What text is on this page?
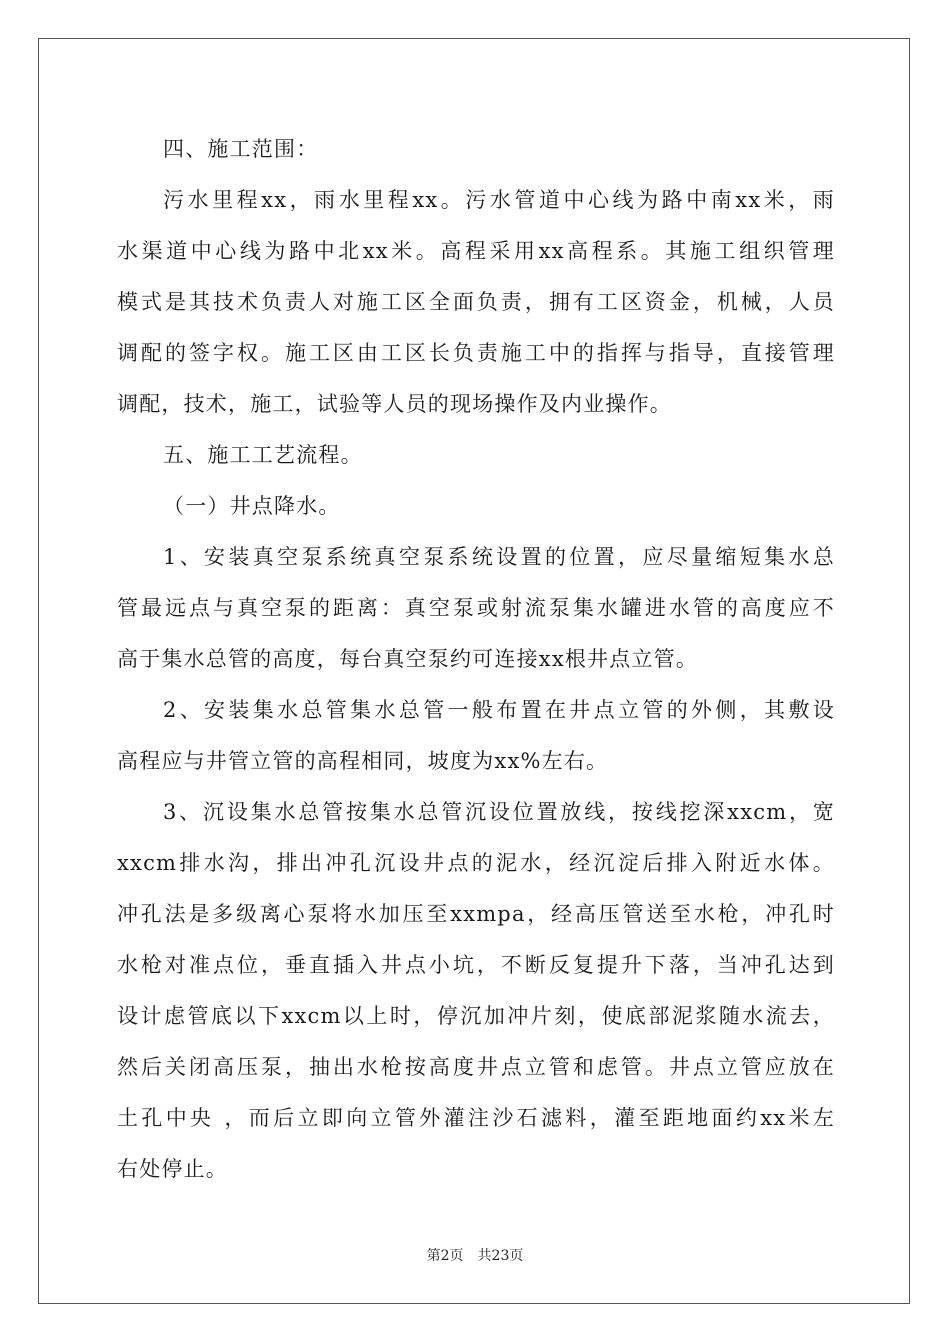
四、施工范围：
污水里程xx，雨水里程xx。污水管道中心线为路中南xx米，雨
水渠道中心线为路中北xx米。高程采用xx高程系。其施工组织管理
模式是其技术负责人对施工区全面负责，拥有工区资金，机械，人员
调配的签字权。施工区由工区长负责施工中的指挥与指导，直接管理
调配，技术，施工，试验等人员的现场操作及内业操作。
五、施工工艺流程。
（一）井点降水。
1、安装真空泵系统真空泵系统设置的位置，应尽量缩短集水总
管最远点与真空泵的距离：真空泵或射流泵集水罐进水管的高度应不
高于集水总管的高度，每台真空泵约可连接xx根井点立管。
2、安装集水总管集水总管一般布置在井点立管的外侧，其敷设
高程应与井管立管的高程相同，坡度为xx%左右。
3、沉设集水总管按集水总管沉设位置放线，按线挖深xxcm，宽
xxcm排水沟，排出冲孔沉设井点的泥水，经沉淀后排入附近水体。
冲孔法是多级离心泵将水加压至xxmpa，经高压管送至水枪，冲孔时
水枪对准点位，垂直插入井点小坑，不断反复提升下落，当冲孔达到
设计虑管底以下xxcm以上时，停沉加冲片刻，使底部泥浆随水流去，
然后关闭高压泵，抽出水枪按高度井点立管和虑管。井点立管应放在
土孔中央 ，而后立即向立管外灌注沙石滤料，灌至距地面约xx米左
右处停止。
第2页 共23页
